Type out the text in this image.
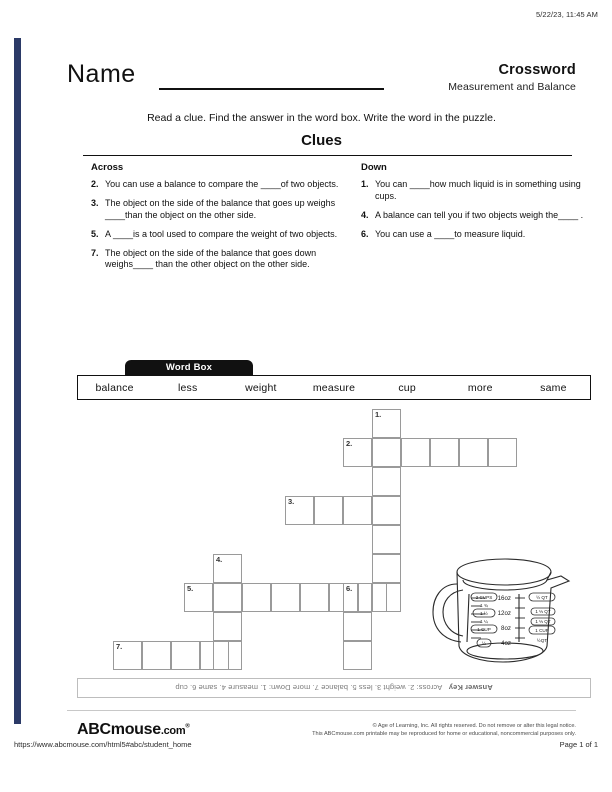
5/22/23, 11:45 AM
Name	Crossword
Measurement and Balance
Read a clue. Find the answer in the word box. Write the word in the puzzle.
Clues
Across
2. You can use a balance to compare the ____of two objects.
3. The object on the side of the balance that goes up weighs ____than the object on the other side.
5. A ____is a tool used to compare the weight of two objects.
7. The object on the side of the balance that goes down weighs____ than the other object on the other side.
Down
1. You can ____how much liquid is in something using cups.
4. A balance can tell you if two objects weigh the____ .
6. You can use a ____to measure liquid.
Word Box
balance	less	weight	measure	cup	more	same
1.
2.
3.
4.
5.	6.
7.
2 CUPS
1 ¾
1 ½
1 ¼
1 CUP
½
½ QT
1 ⅓ QT
1 ⅓ QT
1 CUP
½QT
16oz
12oz
8oz
4oz
Answer Key   Across: 2. weight 3. less 5. balance 7. more Down: 1. measure 4. same 6. cup
ABCmouse.com®	© Age of Learning, Inc. All rights reserved. Do not remove or alter this legal notice.
This ABCmouse.com printable may be reproduced for home or educational, noncommercial purposes only.
https://www.abcmouse.com/html5#abc/student_home	Page 1 of 1
